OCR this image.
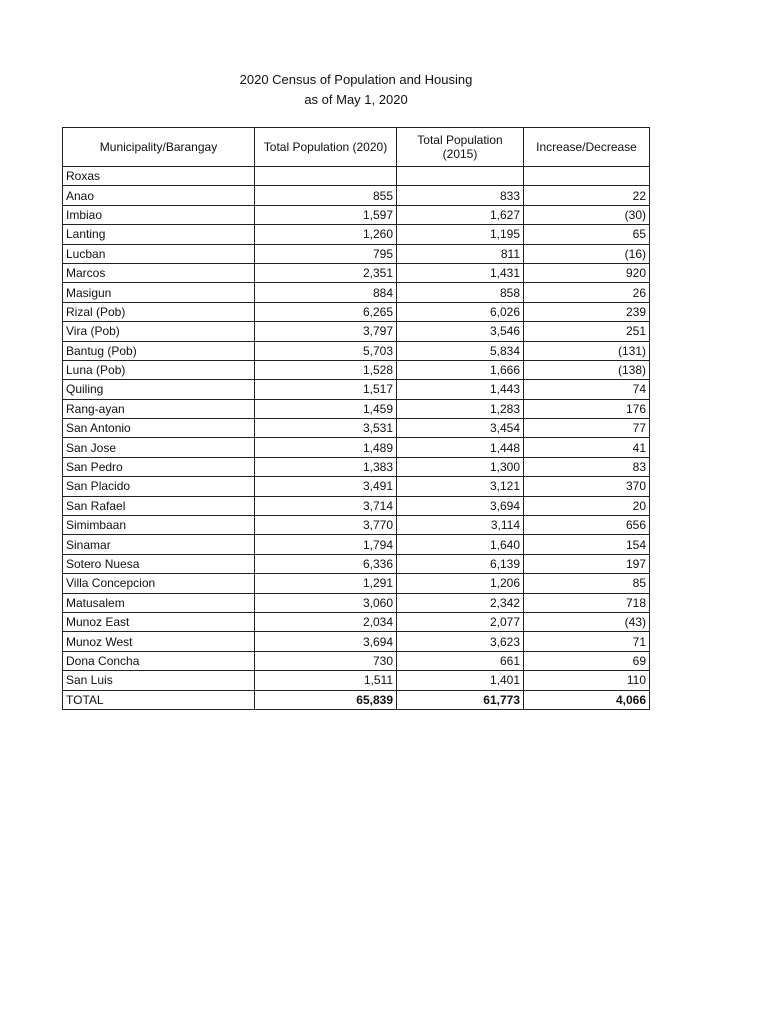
2020 Census of Population and Housing
as of May 1, 2020
Municipality/Barangay	Total Population (2020)	Total Population (2015)	Increase/Decrease
Roxas			
Anao	855	833	22
Imbiao	1,597	1,627	(30)
Lanting	1,260	1,195	65
Lucban	795	811	(16)
Marcos	2,351	1,431	920
Masigun	884	858	26
Rizal (Pob)	6,265	6,026	239
Vira (Pob)	3,797	3,546	251
Bantug (Pob)	5,703	5,834	(131)
Luna (Pob)	1,528	1,666	(138)
Quiling	1,517	1,443	74
Rang-ayan	1,459	1,283	176
San Antonio	3,531	3,454	77
San Jose	1,489	1,448	41
San Pedro	1,383	1,300	83
San Placido	3,491	3,121	370
San Rafael	3,714	3,694	20
Simimbaan	3,770	3,114	656
Sinamar	1,794	1,640	154
Sotero Nuesa	6,336	6,139	197
Villa Concepcion	1,291	1,206	85
Matusalem	3,060	2,342	718
Munoz East	2,034	2,077	(43)
Munoz West	3,694	3,623	71
Dona Concha	730	661	69
San Luis	1,511	1,401	110
TOTAL	65,839	61,773	4,066
